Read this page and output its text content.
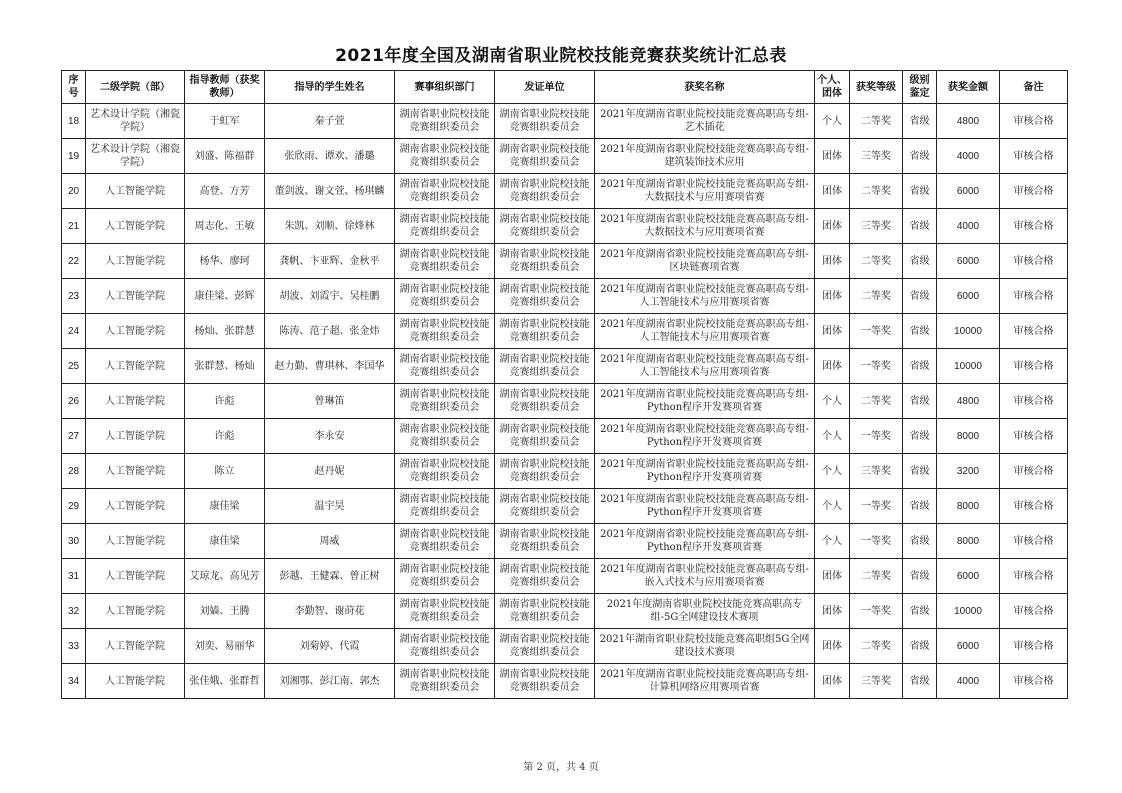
2021年度全国及湖南省职业院校技能竞赛获奖统计汇总表
序号	二级学院（部）	指导教师（获奖教师）	指导的学生姓名	赛事组织部门	发证单位	获奖名称	个人、团体	获奖等级	级别鉴定	获奖金额	备注
18	艺术设计学院（湘瓷学院）	于虹军	秦子萱	湖南省职业院校技能竞赛组织委员会	湖南省职业院校技能竞赛组织委员会	2021年度湖南省职业院校技能竞赛高职高专组-艺术插花	个人	二等奖	省级	4800	审核合格
19	艺术设计学院（湘瓷学院）	刘盛、陈福群	张欣雨、谭欢、潘璐	湖南省职业院校技能竞赛组织委员会	湖南省职业院校技能竞赛组织委员会	2021年度湖南省职业院校技能竞赛高职高专组-建筑装饰技术应用	团体	三等奖	省级	4000	审核合格
20	人工智能学院	高登、方芳	董剑波、谢文萱、杨琪麟	湖南省职业院校技能竞赛组织委员会	湖南省职业院校技能竞赛组织委员会	2021年度湖南省职业院校技能竞赛高职高专组-大数据技术与应用赛项省赛	团体	二等奖	省级	6000	审核合格
21	人工智能学院	周志化、王敏	朱凯、刘顺、徐烽林	湖南省职业院校技能竞赛组织委员会	湖南省职业院校技能竞赛组织委员会	2021年度湖南省职业院校技能竞赛高职高专组-大数据技术与应用赛项省赛	团体	三等奖	省级	4000	审核合格
22	人工智能学院	杨华、廖珂	龚帆、卞亚辉、金秋平	湖南省职业院校技能竞赛组织委员会	湖南省职业院校技能竞赛组织委员会	2021年度湖南省职业院校技能竞赛高职高专组-区块链赛项省赛	团体	二等奖	省级	6000	审核合格
23	人工智能学院	康佳梁、彭辉	胡波、刘霞宇、吴桂鹏	湖南省职业院校技能竞赛组织委员会	湖南省职业院校技能竞赛组织委员会	2021年度湖南省职业院校技能竞赛高职高专组-人工智能技术与应用赛项省赛	团体	二等奖	省级	6000	审核合格
24	人工智能学院	杨灿、张群慧	陈涛、范子超、张金炜	湖南省职业院校技能竞赛组织委员会	湖南省职业院校技能竞赛组织委员会	2021年度湖南省职业院校技能竞赛高职高专组-人工智能技术与应用赛项省赛	团体	一等奖	省级	10000	审核合格
25	人工智能学院	张群慧、杨灿	赵力勤、曹琪林、李国华	湖南省职业院校技能竞赛组织委员会	湖南省职业院校技能竞赛组织委员会	2021年度湖南省职业院校技能竞赛高职高专组-人工智能技术与应用赛项省赛	团体	一等奖	省级	10000	审核合格
26	人工智能学院	许彪	曾琳笛	湖南省职业院校技能竞赛组织委员会	湖南省职业院校技能竞赛组织委员会	2021年度湖南省职业院校技能竞赛高职高专组-Python程序开发赛项省赛	个人	二等奖	省级	4800	审核合格
27	人工智能学院	许彪	李永安	湖南省职业院校技能竞赛组织委员会	湖南省职业院校技能竞赛组织委员会	2021年度湖南省职业院校技能竞赛高职高专组-Python程序开发赛项省赛	个人	一等奖	省级	8000	审核合格
28	人工智能学院	陈立	赵丹妮	湖南省职业院校技能竞赛组织委员会	湖南省职业院校技能竞赛组织委员会	2021年度湖南省职业院校技能竞赛高职高专组-Python程序开发赛项省赛	个人	三等奖	省级	3200	审核合格
29	人工智能学院	康佳梁	温宇昊	湖南省职业院校技能竞赛组织委员会	湖南省职业院校技能竞赛组织委员会	2021年度湖南省职业院校技能竞赛高职高专组-Python程序开发赛项省赛	个人	一等奖	省级	8000	审核合格
30	人工智能学院	康佳梁	周威	湖南省职业院校技能竞赛组织委员会	湖南省职业院校技能竞赛组织委员会	2021年度湖南省职业院校技能竞赛高职高专组-Python程序开发赛项省赛	个人	一等奖	省级	8000	审核合格
31	人工智能学院	艾琼龙、高见芳	彭越、王健霖、曾正树	湖南省职业院校技能竞赛组织委员会	湖南省职业院校技能竞赛组织委员会	2021年度湖南省职业院校技能竞赛高职高专组-嵌入式技术与应用赛项省赛	团体	二等奖	省级	6000	审核合格
32	人工智能学院	刘嫱、王腾	李勤智、谢莳花	湖南省职业院校技能竞赛组织委员会	湖南省职业院校技能竞赛组织委员会	2021年度湖南省职业院校技能竞赛高职高专组-5G全网建设技术赛项	团体	一等奖	省级	10000	审核合格
33	人工智能学院	刘奕、易丽华	刘菊婷、代霞	湖南省职业院校技能竞赛组织委员会	湖南省职业院校技能竞赛组织委员会	2021年湖南省职业院校技能竞赛高职组5G全网建设技术赛项	团体	二等奖	省级	6000	审核合格
34	人工智能学院	张佳娥、张群哲	刘湘鄂、彭江南、郭杰	湖南省职业院校技能竞赛组织委员会	湖南省职业院校技能竞赛组织委员会	2021年度湖南省职业院校技能竞赛高职高专组-计算机网络应用赛项省赛	团体	三等奖	省级	4000	审核合格
第 2 页，共 4 页
